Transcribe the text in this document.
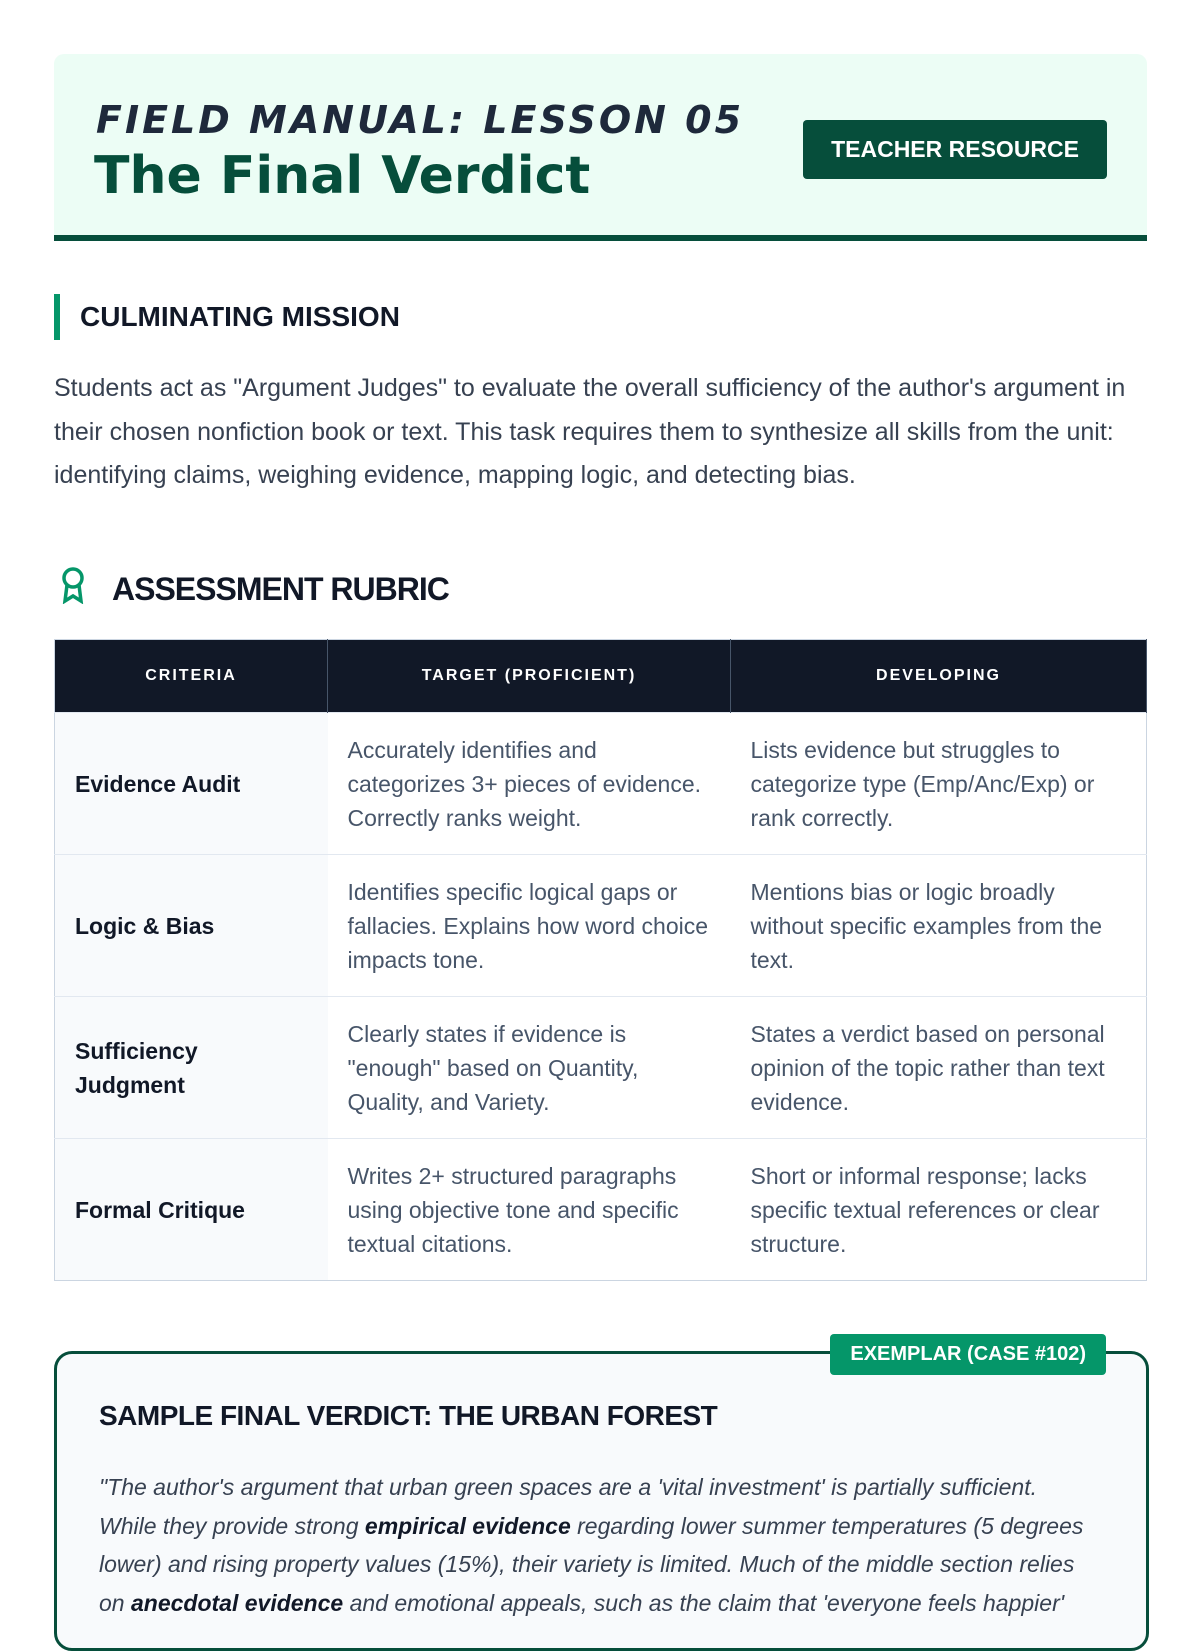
FIELD MANUAL: LESSON 05
The Final Verdict	TEACHER RESOURCE
CULMINATING MISSION

Students act as "Argument Judges" to evaluate the overall sufficiency of the author's argument in their chosen nonfiction book or text. This task requires them to synthesize all skills from the unit: identifying claims, weighing evidence, mapping logic, and detecting bias.

ASSESSMENT RUBRIC
CRITERIA	TARGET (PROFICIENT)	DEVELOPING
Evidence Audit	Accurately identifies and categorizes 3+ pieces of evidence. Correctly ranks weight.	Lists evidence but struggles to categorize type (Emp/Anc/Exp) or rank correctly.
Logic & Bias	Identifies specific logical gaps or fallacies. Explains how word choice impacts tone.	Mentions bias or logic broadly without specific examples from the text.
Sufficiency Judgment	Clearly states if evidence is "enough" based on Quantity, Quality, and Variety.	States a verdict based on personal opinion of the topic rather than text evidence.
Formal Critique	Writes 2+ structured paragraphs using objective tone and specific textual citations.	Short or informal response; lacks specific textual references or clear structure.
EXEMPLAR (CASE #102)
SAMPLE FINAL VERDICT: THE URBAN FOREST

"The author's argument that urban green spaces are a 'vital investment' is partially sufficient. While they provide strong empirical evidence regarding lower summer temperatures (5 degrees lower) and rising property values (15%), their variety is limited. Much of the middle section relies on anecdotal evidence and emotional appeals, such as the claim that 'everyone feels happier'
